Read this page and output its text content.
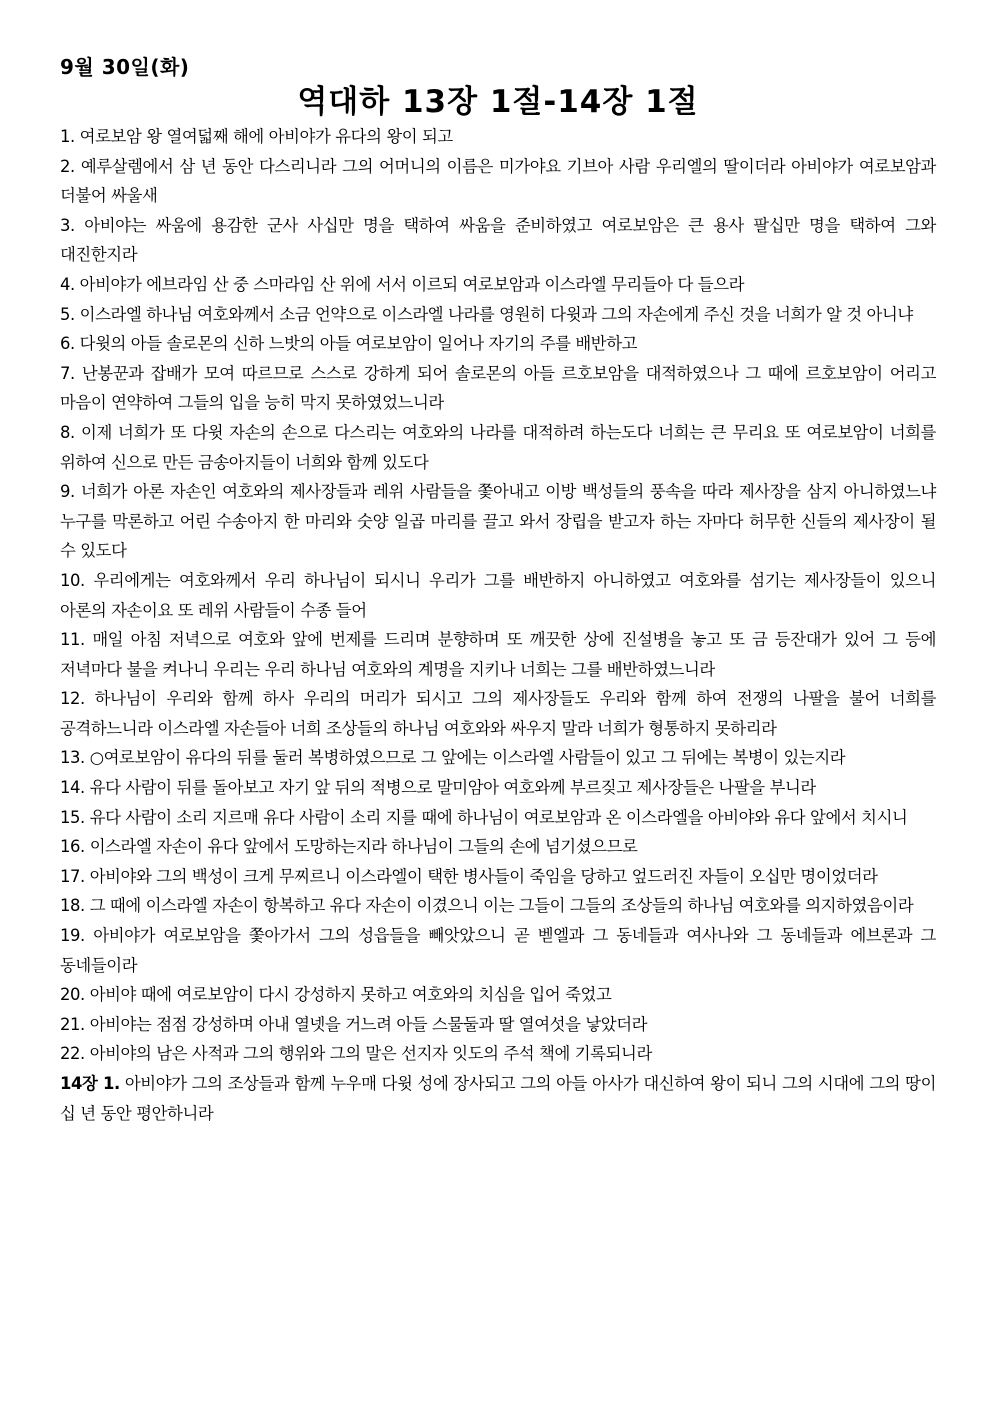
9월 30일(화)
역대하 13장 1절-14장 1절
1. 여로보암 왕 열여덟째 해에 아비야가 유다의 왕이 되고
2. 예루살렘에서 삼 년 동안 다스리니라 그의 어머니의 이름은 미가야요 기브아 사람 우리엘의 딸이더라 아비야가 여로보암과 더불어 싸울새
3. 아비야는 싸움에 용감한 군사 사십만 명을 택하여 싸움을 준비하였고 여로보암은 큰 용사 팔십만 명을 택하여 그와 대진한지라
4. 아비야가 에브라임 산 중 스마라임 산 위에 서서 이르되 여로보암과 이스라엘 무리들아 다 들으라
5. 이스라엘 하나님 여호와께서 소금 언약으로 이스라엘 나라를 영원히 다윗과 그의 자손에게 주신 것을 너희가 알 것 아니냐
6. 다윗의 아들 솔로몬의 신하 느밧의 아들 여로보암이 일어나 자기의 주를 배반하고
7. 난봉꾼과 잡배가 모여 따르므로 스스로 강하게 되어 솔로몬의 아들 르호보암을 대적하였으나 그 때에 르호보암이 어리고 마음이 연약하여 그들의 입을 능히 막지 못하였었느니라
8. 이제 너희가 또 다윗 자손의 손으로 다스리는 여호와의 나라를 대적하려 하는도다 너희는 큰 무리요 또 여로보암이 너희를 위하여 신으로 만든 금송아지들이 너희와 함께 있도다
9. 너희가 아론 자손인 여호와의 제사장들과 레위 사람들을 쫓아내고 이방 백성들의 풍속을 따라 제사장을 삼지 아니하였느냐 누구를 막론하고 어린 수송아지 한 마리와 숫양 일곱 마리를 끌고 와서 장립을 받고자 하는 자마다 허무한 신들의 제사장이 될 수 있도다
10. 우리에게는 여호와께서 우리 하나님이 되시니 우리가 그를 배반하지 아니하였고 여호와를 섬기는 제사장들이 있으니 아론의 자손이요 또 레위 사람들이 수종 들어
11. 매일 아침 저녁으로 여호와 앞에 번제를 드리며 분향하며 또 깨끗한 상에 진설병을 놓고 또 금 등잔대가 있어 그 등에 저녁마다 불을 켜나니 우리는 우리 하나님 여호와의 계명을 지키나 너희는 그를 배반하였느니라
12. 하나님이 우리와 함께 하사 우리의 머리가 되시고 그의 제사장들도 우리와 함께 하여 전쟁의 나팔을 불어 너희를 공격하느니라 이스라엘 자손들아 너희 조상들의 하나님 여호와와 싸우지 말라 너희가 형통하지 못하리라
13. ○여로보암이 유다의 뒤를 둘러 복병하였으므로 그 앞에는 이스라엘 사람들이 있고 그 뒤에는 복병이 있는지라
14. 유다 사람이 뒤를 돌아보고 자기 앞 뒤의 적병으로 말미암아 여호와께 부르짖고 제사장들은 나팔을 부니라
15. 유다 사람이 소리 지르매 유다 사람이 소리 지를 때에 하나님이 여로보암과 온 이스라엘을 아비야와 유다 앞에서 치시니
16. 이스라엘 자손이 유다 앞에서 도망하는지라 하나님이 그들의 손에 넘기셨으므로
17. 아비야와 그의 백성이 크게 무찌르니 이스라엘이 택한 병사들이 죽임을 당하고 엎드러진 자들이 오십만 명이었더라
18. 그 때에 이스라엘 자손이 항복하고 유다 자손이 이겼으니 이는 그들이 그들의 조상들의 하나님 여호와를 의지하였음이라
19. 아비야가 여로보암을 쫓아가서 그의 성읍들을 빼앗았으니 곧 벧엘과 그 동네들과 여사나와 그 동네들과 에브론과 그 동네들이라
20. 아비야 때에 여로보암이 다시 강성하지 못하고 여호와의 치심을 입어 죽었고
21. 아비야는 점점 강성하며 아내 열넷을 거느려 아들 스물둘과 딸 열여섯을 낳았더라
22. 아비야의 남은 사적과 그의 행위와 그의 말은 선지자 잇도의 주석 책에 기록되니라
14장 1. 아비야가 그의 조상들과 함께 누우매 다윗 성에 장사되고 그의 아들 아사가 대신하여 왕이 되니 그의 시대에 그의 땅이 십 년 동안 평안하니라
